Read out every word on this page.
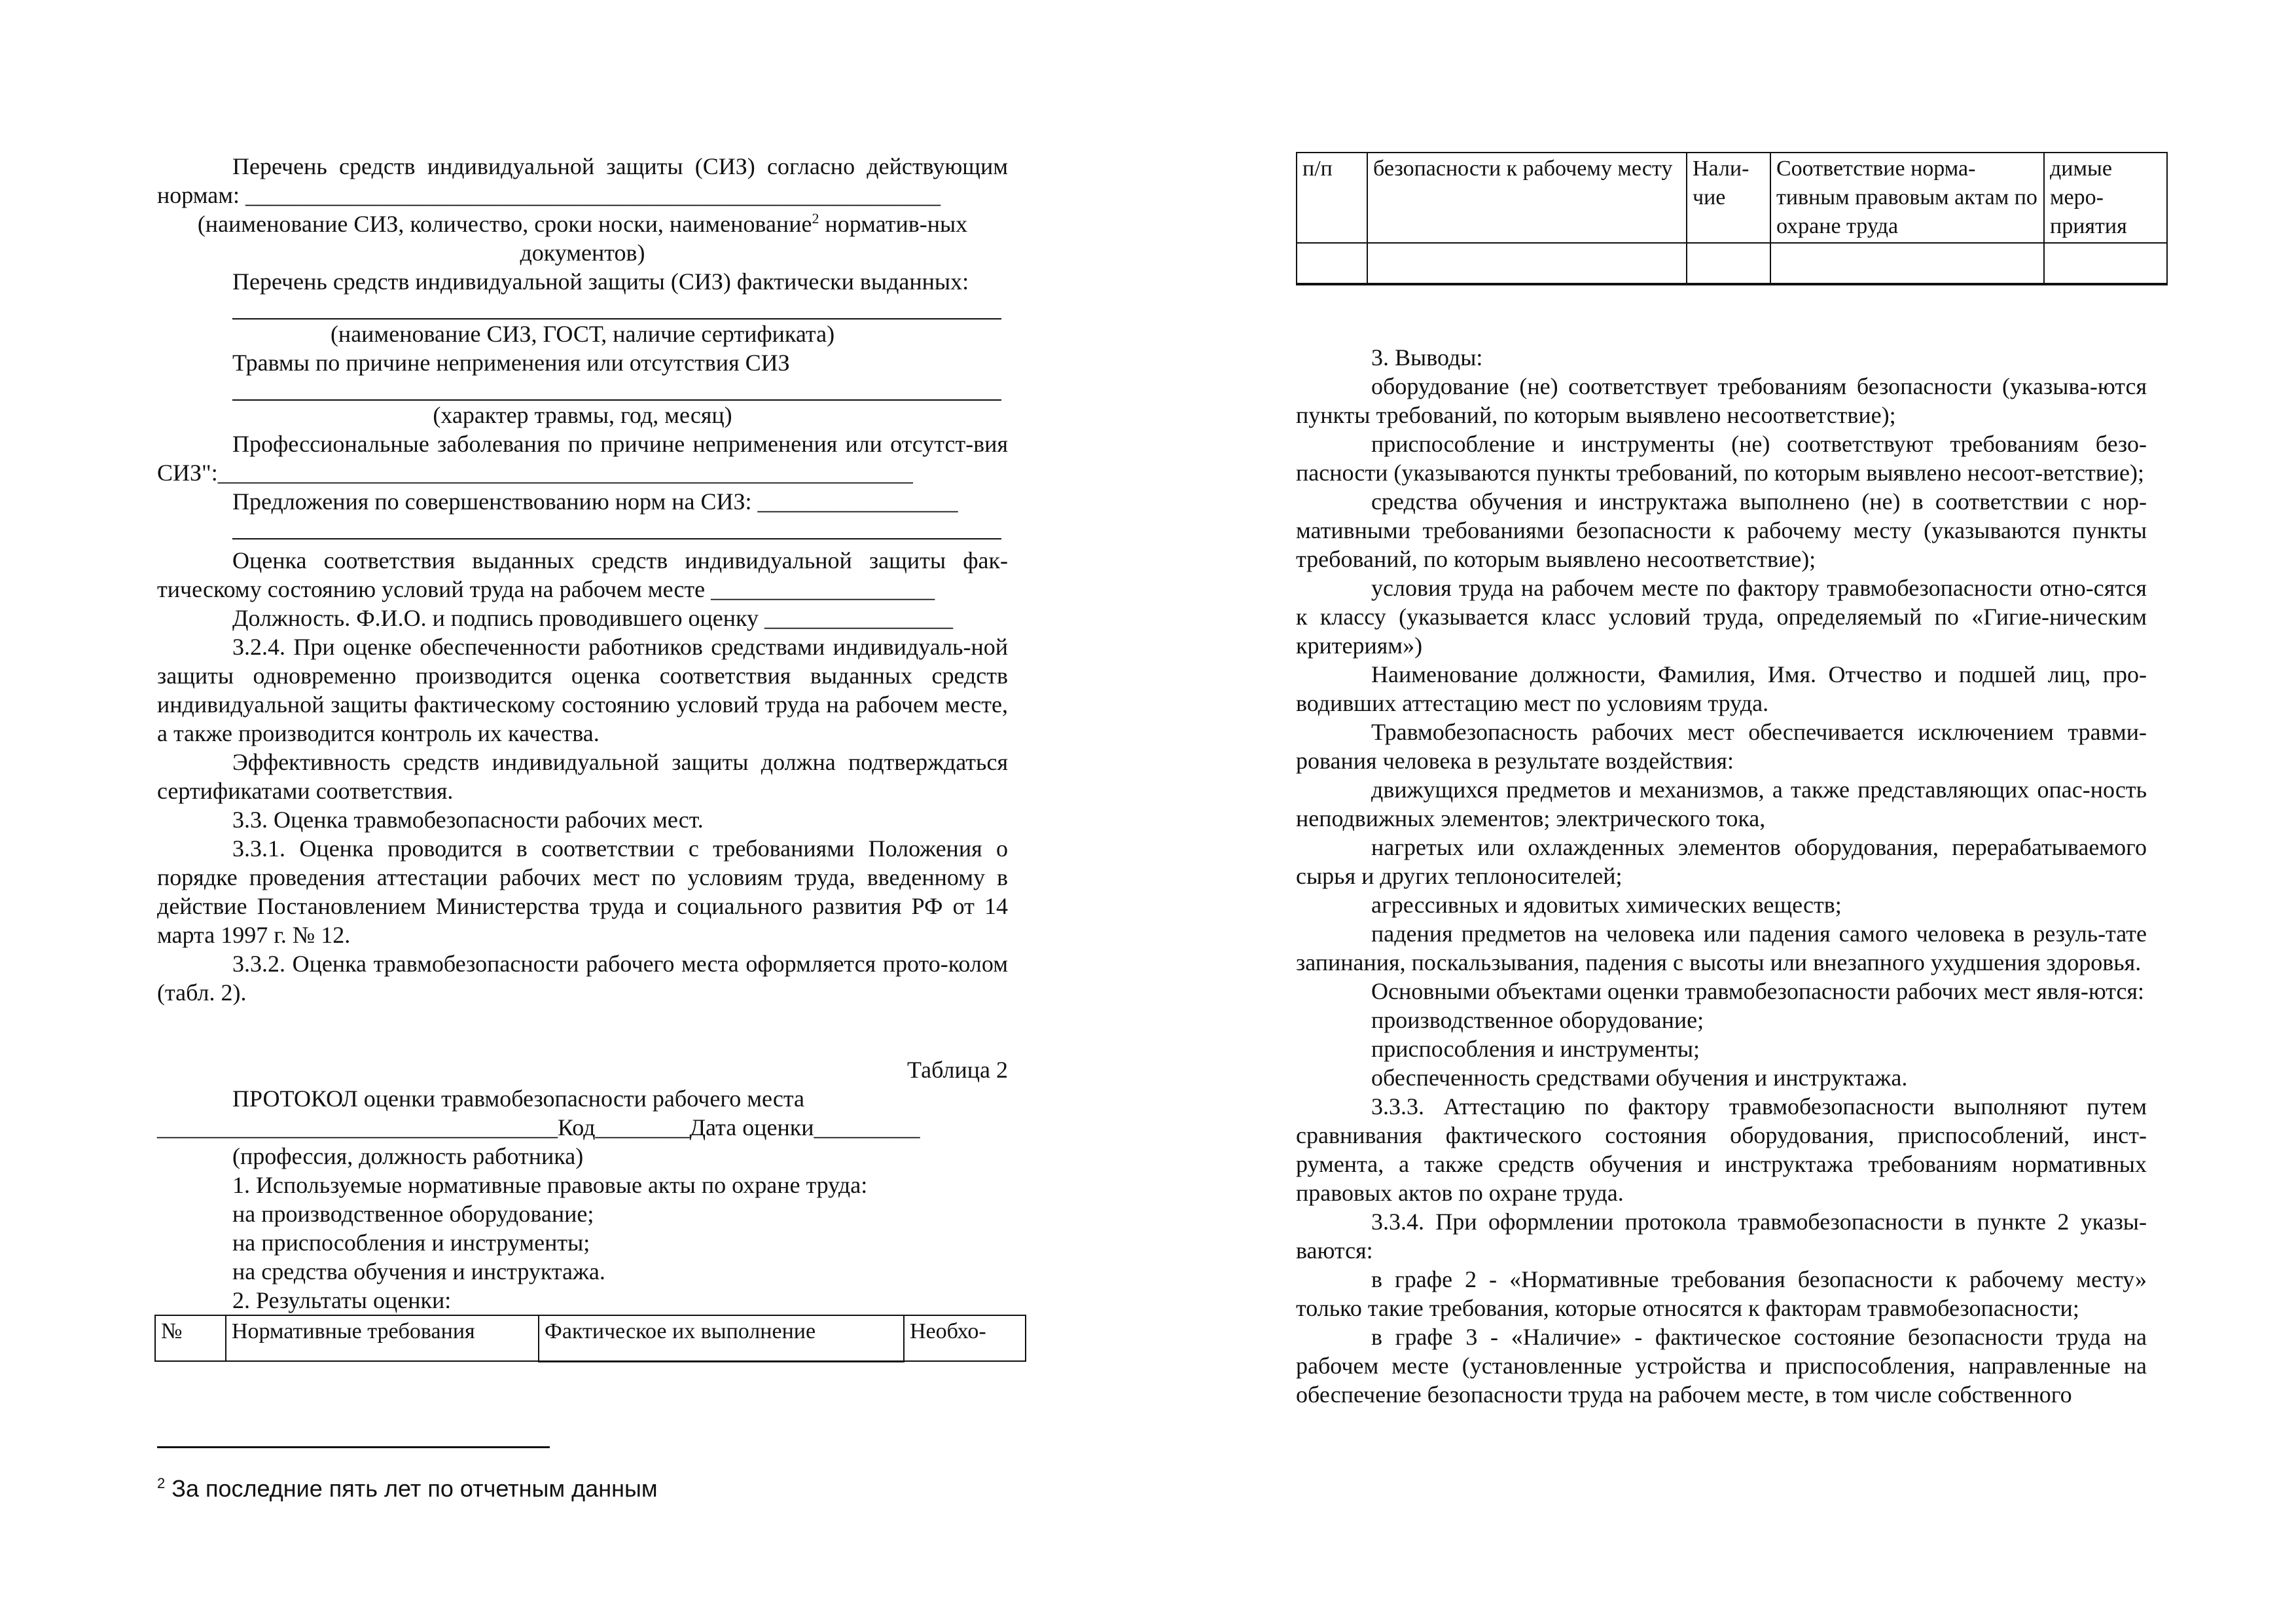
Перечень средств индивидуальной защиты (СИЗ) согласно действующим нормам: ___________________________________________________________

(наименование СИЗ, количество, сроки носки, наименование$^2$ норматив-ных документов)

Перечень средств индивидуальной защиты (СИЗ) фактически выданных:

(наименование СИЗ, ГОСТ, наличие сертификата)

Травмы по причине неприменения или отсутствия СИЗ

(характер травмы, год, месяц)

Профессиональные заболевания по причине неприменения или отсутст-вия СИЗ":___________________________________________________________

Предложения по совершенствованию норм на СИЗ: _________________

Оценка соответствия выданных средств индивидуальной защиты фак-тическому состоянию условий труда на рабочем месте ___________________

Должность. Ф.И.О. и подпись проводившего оценку ________________

3.2.4. При оценке обеспеченности работников средствами индивидуаль-ной защиты одновременно производится оценка соответствия выданных средств индивидуальной защиты фактическому состоянию условий труда на рабочем месте, а также производится контроль их качества.

Эффективность средств индивидуальной защиты должна подтверждаться сертификатами соответствия.

3.3. Оценка травмобезопасности рабочих мест.

3.3.1. Оценка проводится в соответствии с требованиями Положения о порядке проведения аттестации рабочих мест по условиям труда, введенному в действие Постановлением Министерства труда и социального развития РФ от 14 марта 1997 г. № 12.

3.3.2. Оценка травмобезопасности рабочего места оформляется прото-колом (табл. 2).

Таблица 2

ПРОТОКОЛ оценки травмобезопасности рабочего места

__________________________________Код________Дата оценки_________

(профессия, должность работника)

1. Используемые нормативные правовые акты по охране труда:

на производственное оборудование;

на приспособления и инструменты;

на средства обучения и инструктажа.

2. Результаты оценки:

№	Нормативные требования	Фактическое их выполнение	Необхо-

$^2$ За последние пять лет по отчетным данным

п/п	безопасности к рабочему месту	Нали-чие	Соответствие норма-тивным правовым актам по охране труда	димые меро-приятия

3. Выводы:

оборудование (не) соответствует требованиям безопасности (указыва-ются пункты требований, по которым выявлено несоответствие);

приспособление и инструменты (не) соответствуют требованиям безо-пасности (указываются пункты требований, по которым выявлено несоот-ветствие);

средства обучения и инструктажа выполнено (не) в соответствии с нор-мативными требованиями безопасности к рабочему месту (указываются пункты требований, по которым выявлено несоответствие);

условия труда на рабочем месте по фактору травмобезопасности отно-сятся к классу (указывается класс условий труда, определяемый по «Гигие-ническим критериям»)

Наименование должности, Фамилия, Имя. Отчество и подшей лиц, про-водивших аттестацию мест по условиям труда.

Травмобезопасность рабочих мест обеспечивается исключением травми-рования человека в результате воздействия:

движущихся предметов и механизмов, а также представляющих опас-ность неподвижных элементов; электрического тока,

нагретых или охлажденных элементов оборудования, перерабатываемого сырья и других теплоносителей;

агрессивных и ядовитых химических веществ;

падения предметов на человека или падения самого человека в резуль-тате запинания, поскальзывания, падения с высоты или внезапного ухудшения здоровья.

Основными объектами оценки травмобезопасности рабочих мест явля-ются:

производственное оборудование;

приспособления и инструменты;

обеспеченность средствами обучения и инструктажа.

3.3.3. Аттестацию по фактору травмобезопасности выполняют путем сравнивания фактического состояния оборудования, приспособлений, инст-румента, а также средств обучения и инструктажа требованиям нормативных правовых актов по охране труда.

3.3.4. При оформлении протокола травмобезопасности в пункте 2 указы-ваются:

в графе 2 - «Нормативные требования безопасности к рабочему месту» только такие требования, которые относятся к факторам травмобезопасности;

в графе 3 - «Наличие» - фактическое состояние безопасности труда на рабочем месте (установленные устройства и приспособления, направленные на обеспечение безопасности труда на рабочем месте, в том числе собственного
